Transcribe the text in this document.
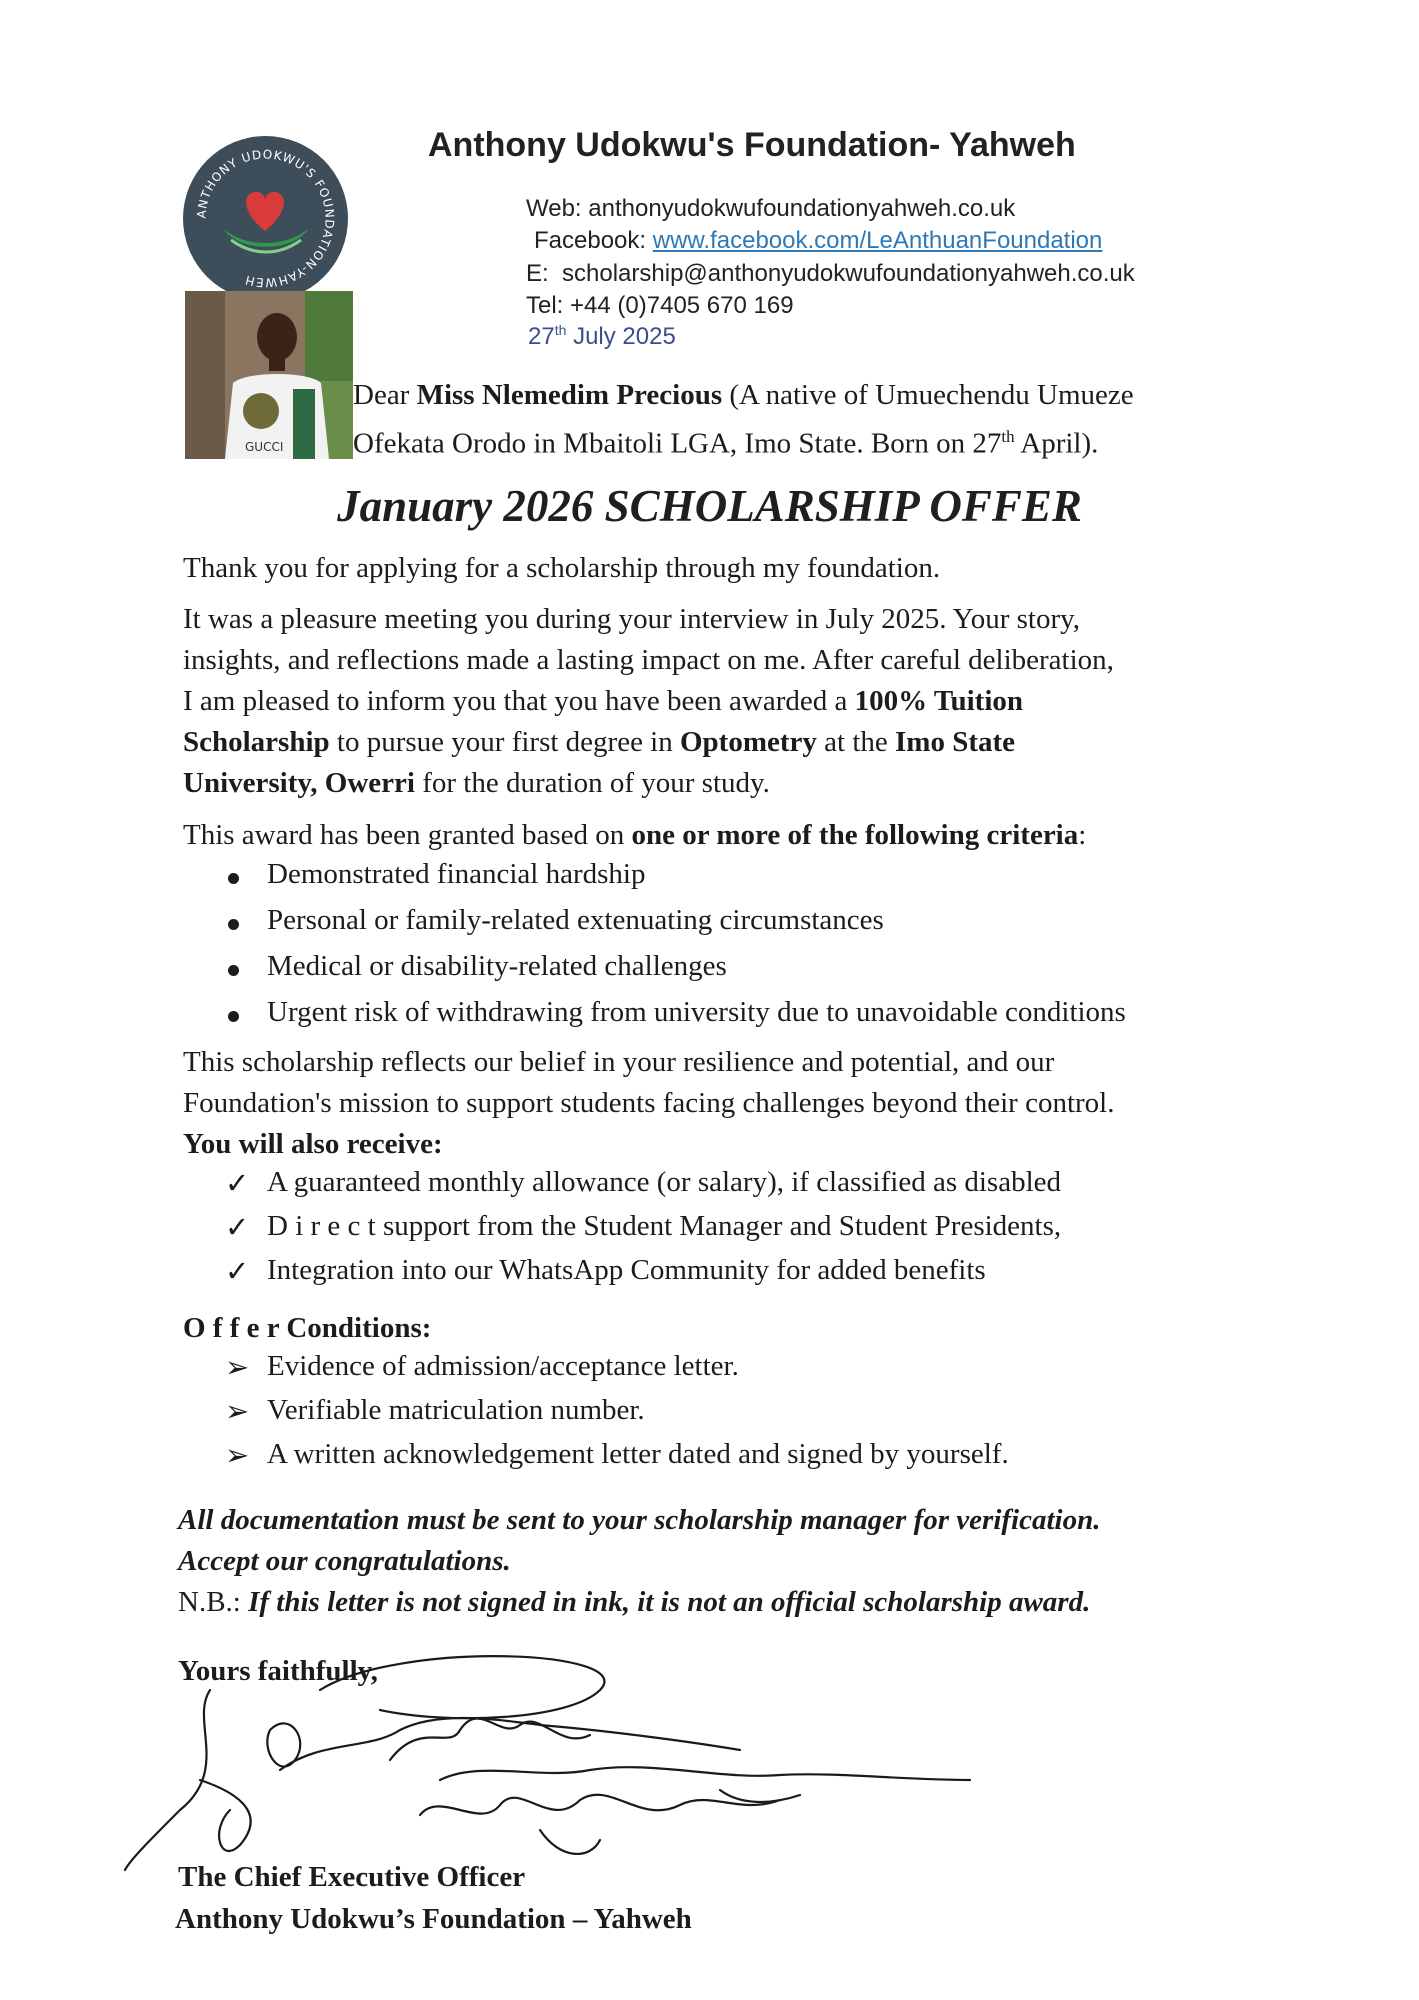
ANTHONY UDOKWU'S FOUNDATION-YAHWEH
GUCCI
Anthony Udokwu's Foundation- Yahweh
Web: anthonyudokwufoundationyahweh.co.uk
Facebook: www.facebook.com/LeAnthuanFoundation
E: scholarship@anthonyudokwufoundationyahweh.co.uk
Tel: +44 (0)7405 670 169
27th July 2025
Dear Miss Nlemedim Precious (A native of Umuechendu Umueze
Ofekata Orodo in Mbaitoli LGA, Imo State. Born on 27th April).
January 2026 SCHOLARSHIP OFFER
Thank you for applying for a scholarship through my foundation.
It was a pleasure meeting you during your interview in July 2025. Your story,
insights, and reflections made a lasting impact on me. After careful deliberation,
I am pleased to inform you that you have been awarded a 100% Tuition
Scholarship to pursue your first degree in Optometry at the Imo State
University, Owerri for the duration of your study.
This award has been granted based on one or more of the following criteria:
Demonstrated financial hardship
Personal or family-related extenuating circumstances
Medical or disability-related challenges
Urgent risk of withdrawing from university due to unavoidable conditions
This scholarship reflects our belief in your resilience and potential, and our
Foundation's mission to support students facing challenges beyond their control.
You will also receive:
✓ A guaranteed monthly allowance (or salary), if classified as disabled
✓ D i r e c t support from the Student Manager and Student Presidents,
✓ Integration into our WhatsApp Community for added benefits
O f f e r Conditions:
➢ Evidence of admission/acceptance letter.
➢ Verifiable matriculation number.
➢ A written acknowledgement letter dated and signed by yourself.
All documentation must be sent to your scholarship manager for verification.
Accept our congratulations.
N.B.: If this letter is not signed in ink, it is not an official scholarship award.
Yours faithfully,
The Chief Executive Officer
Anthony Udokwu’s Foundation – Yahweh
